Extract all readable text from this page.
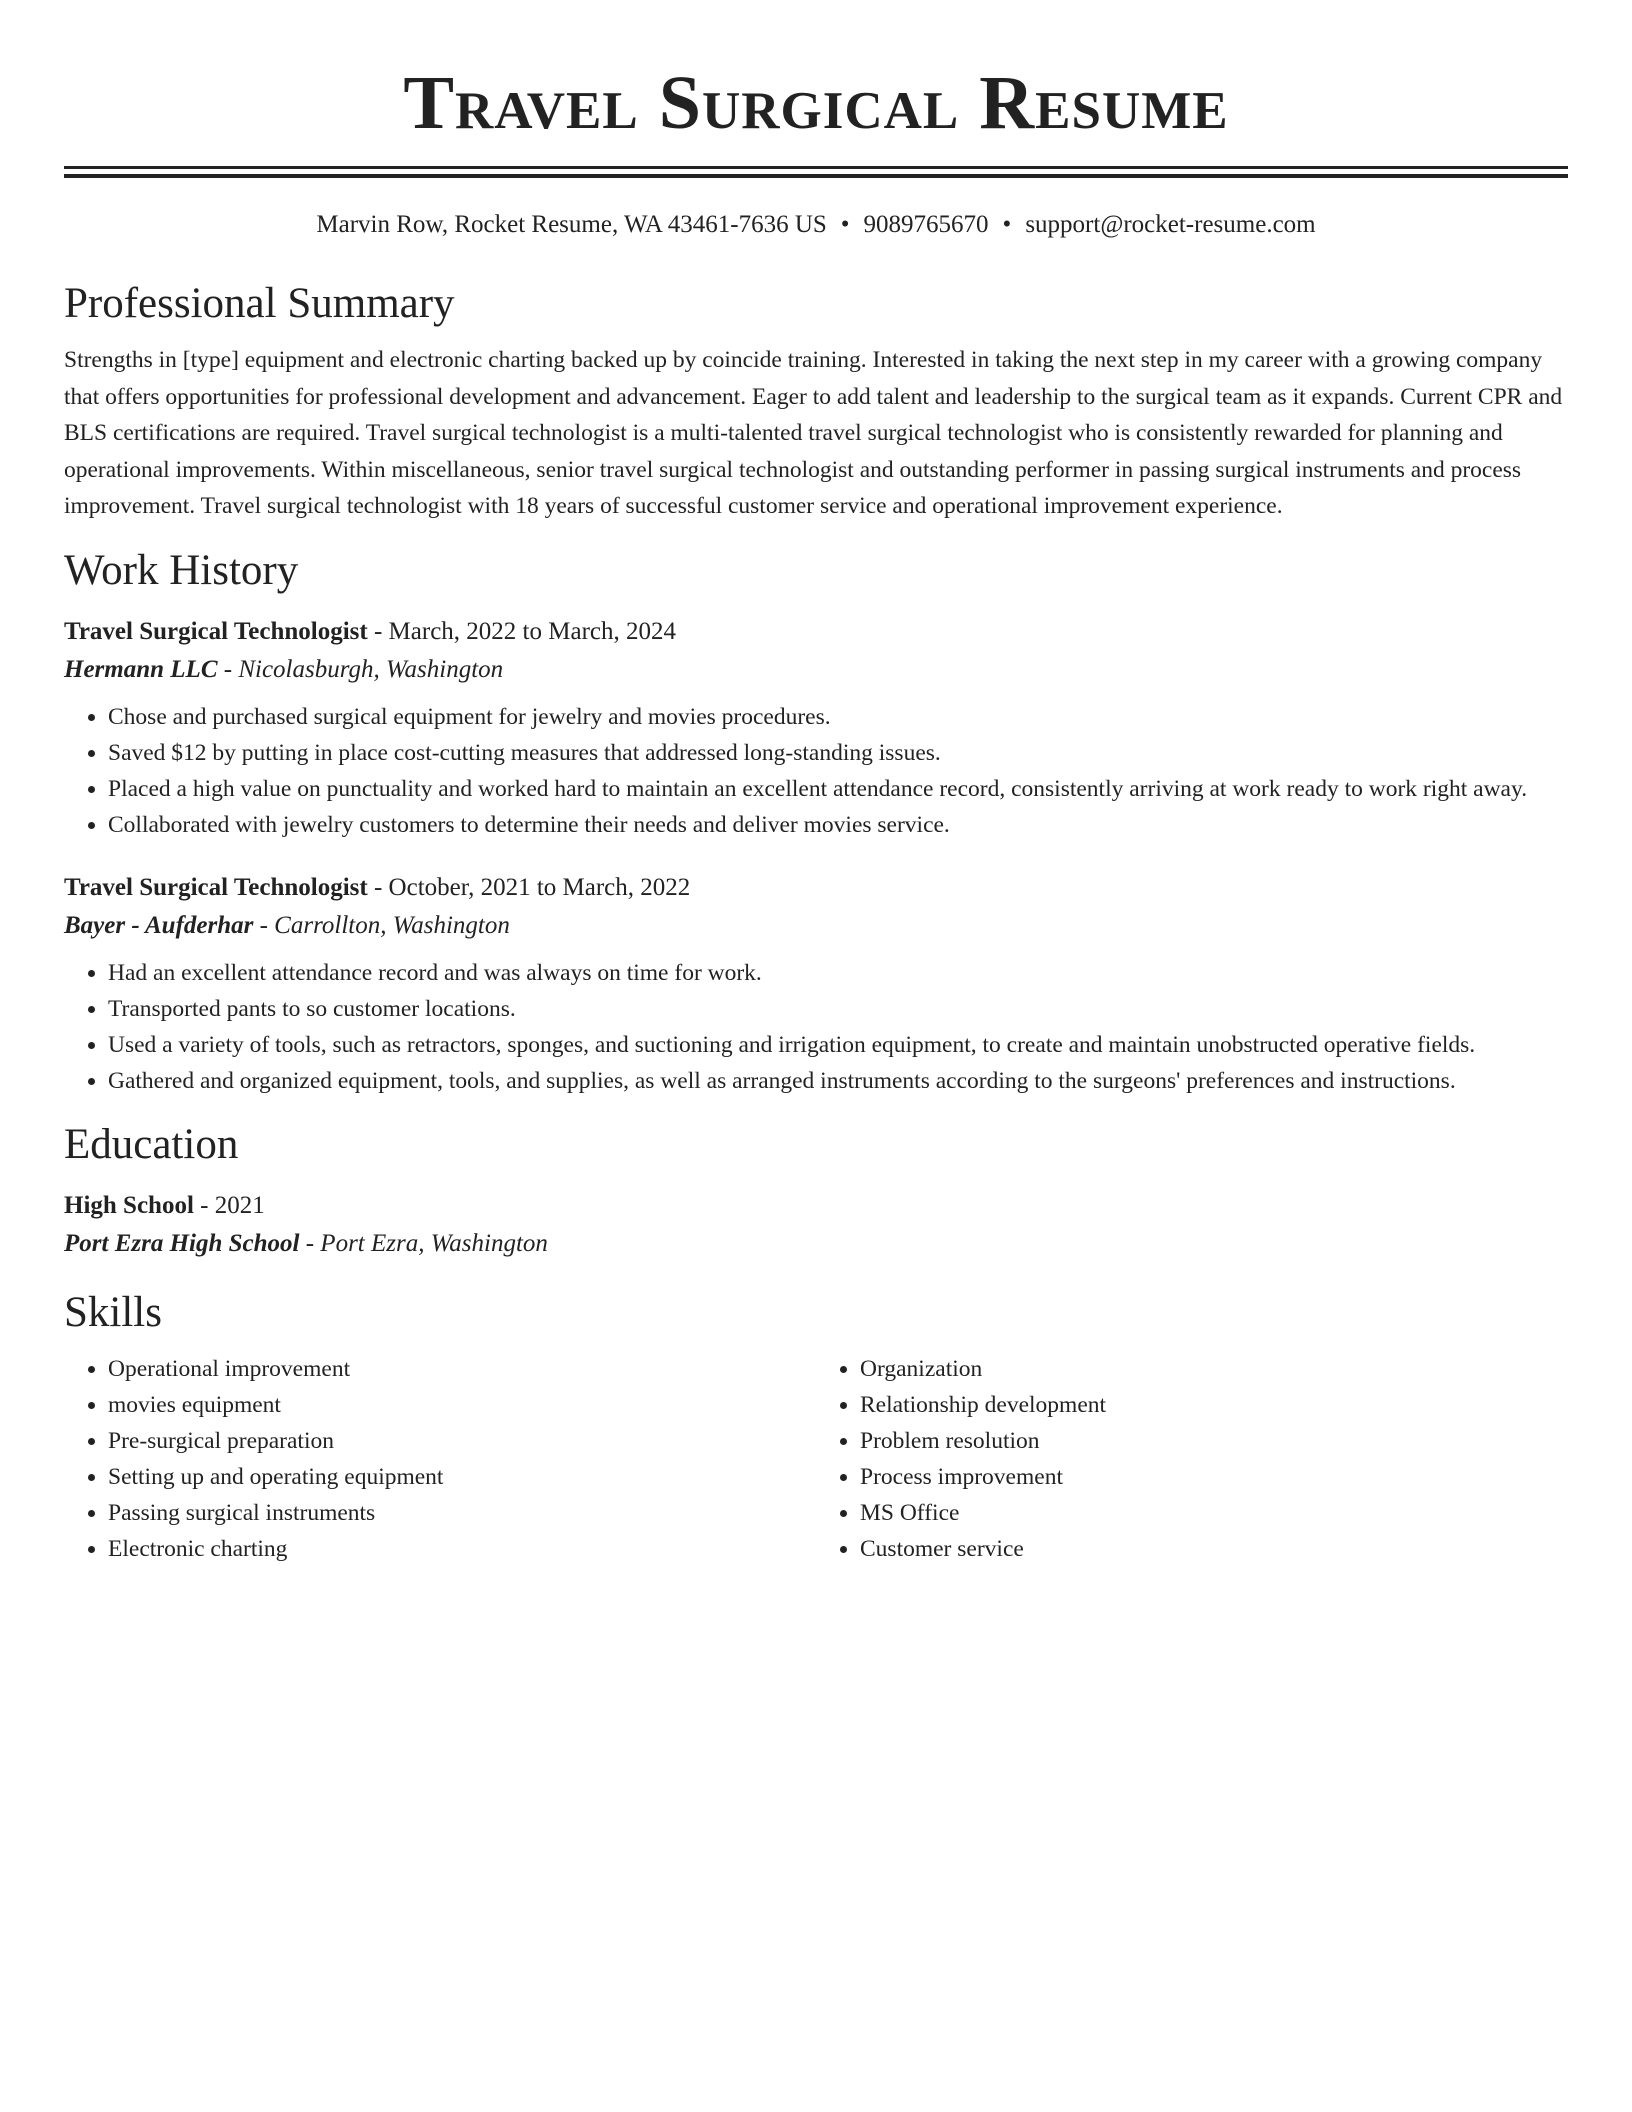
Travel Surgical Resume
Marvin Row, Rocket Resume, WA 43461-7636 US • 9089765670 • support@rocket-resume.com
Professional Summary

Strengths in [type] equipment and electronic charting backed up by coincide training. Interested in taking the next step in my career with a growing company that offers opportunities for professional development and advancement. Eager to add talent and leadership to the surgical team as it expands. Current CPR and BLS certifications are required. Travel surgical technologist is a multi-talented travel surgical technologist who is consistently rewarded for planning and operational improvements. Within miscellaneous, senior travel surgical technologist and outstanding performer in passing surgical instruments and process improvement. Travel surgical technologist with 18 years of successful customer service and operational improvement experience.

Work History
Travel Surgical Technologist - March, 2022 to March, 2024
Hermann LLC - Nicolasburgh, Washington
• Chose and purchased surgical equipment for jewelry and movies procedures.
• Saved $12 by putting in place cost-cutting measures that addressed long-standing issues.
• Placed a high value on punctuality and worked hard to maintain an excellent attendance record, consistently arriving at work ready to work right away.
• Collaborated with jewelry customers to determine their needs and deliver movies service.
Travel Surgical Technologist - October, 2021 to March, 2022
Bayer - Aufderhar - Carrollton, Washington
• Had an excellent attendance record and was always on time for work.
• Transported pants to so customer locations.
• Used a variety of tools, such as retractors, sponges, and suctioning and irrigation equipment, to create and maintain unobstructed operative fields.
• Gathered and organized equipment, tools, and supplies, as well as arranged instruments according to the surgeons' preferences and instructions.
Education
High School - 2021
Port Ezra High School - Port Ezra, Washington
Skills
• Operational improvement
• movies equipment
• Pre-surgical preparation
• Setting up and operating equipment
• Passing surgical instruments
• Electronic charting
• Organization
• Relationship development
• Problem resolution
• Process improvement
• MS Office
• Customer service
